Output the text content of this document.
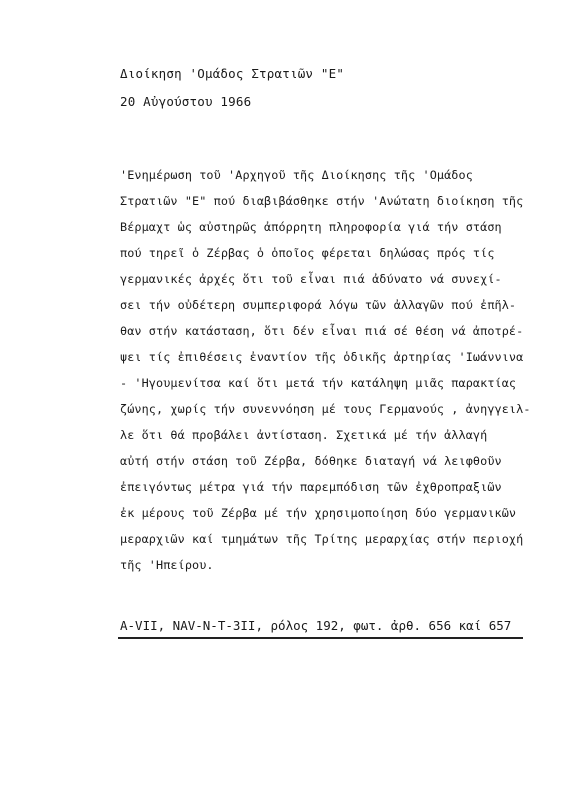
Διοίκηση 'Ομάδος Στρατιῶν "Ε"
20 Αὐγούστου 1966
'Ενημέρωση τοῦ 'Αρχηγοῦ τῆς Διοίκησης τῆς 'Ομάδος
Στρατιῶν "Ε" πού διαβιβάσθηκε στήν 'Ανώτατη διοίκηση τῆς
Βέρμαχτ ὡς αὐστηρῶς ἀπόρρητη πληροφορία γιά τήν στάση
πού τηρεῖ ὁ Ζέρβας ὁ ὁποῖος φέρεται δηλώσας πρός τίς
γερμανικές ἀρχές ὅτι τοῦ εἶναι πιά ἀδύνατο νά συνεχί-
σει τήν οὐδέτερη συμπεριφορά λόγω τῶν ἀλλαγῶν πού ἐπῆλ-
θαν στήν κατάσταση, ὅτι δέν εἶναι πιά σέ θέση νά ἀποτρέ-
ψει τίς ἐπιθέσεις ἐναντίον τῆς ὁδικῆς ἀρτηρίας 'Ιωάννινα
- 'Ηγουμενίτσα καί ὅτι μετά τήν κατάληψη μιᾶς παρακτίας
ζώνης, χωρίς τήν συνεννόηση μέ τους Γερμανούς , ἀνηγγειλ-
λε ὅτι θά προβάλει ἀντίσταση. Σχετικά μέ τήν ἀλλαγή
αὐτή στήν στάση τοῦ Ζέρβα, δόθηκε διαταγή νά λειφθοῦν
ἐπειγόντως μέτρα γιά τήν παρεμπόδιση τῶν ἐχθροπραξιῶν
ἐκ μέρους τοῦ Ζέρβα μέ τήν χρησιμοποίηση δύο γερμανικῶν
μεραρχιῶν καί τμημάτων τῆς Τρίτης μεραρχίας στήν περιοχή
τῆς 'Ηπείρου.
A-VII, NAV-N-T-3II, ρόλος 192, φωτ. ἀρθ. 656 καί 657
